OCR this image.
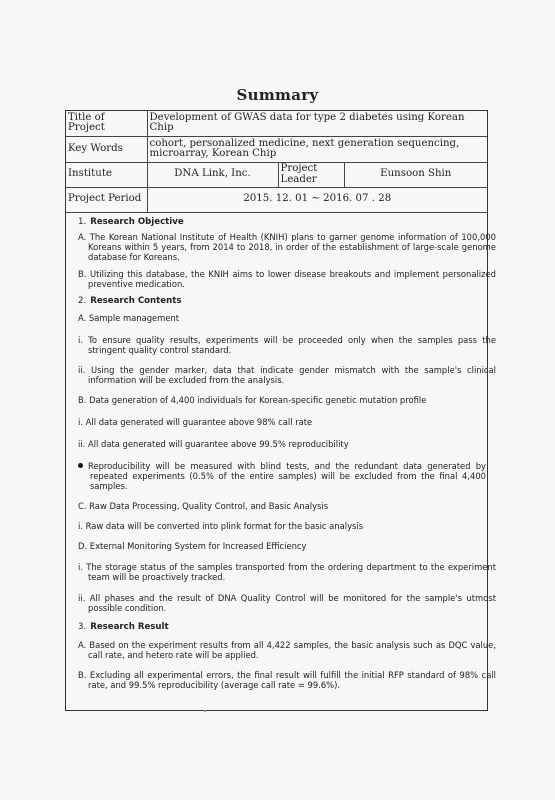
Summary
Title of Project	Development of GWAS data for type 2 diabetes using Korean Chip		
Key Words	cohort, personalized medicine, next generation sequencing, microarray, Korean Chip		
Institute	DNA Link, Inc.	Project Leader	Eunsoon Shin
Project Period	2015. 12. 01 ~ 2016. 07 . 28		
1. Research Objective
A. The Korean National Institute of Health (KNIH) plans to garner genome information of 100,000 Koreans within 5 years, from 2014 to 2018, in order of the establishment of large-scale genome database for Koreans.
B. Utilizing this database, the KNIH aims to lower disease breakouts and implement personalized preventive medication.
2. Research Contents
A. Sample management
i. To ensure quality results, experiments will be proceeded only when the samples pass the stringent quality control standard.
ii. Using the gender marker, data that indicate gender mismatch with the sample's clinical information will be excluded from the analysis.
B. Data generation of 4,400 individuals for Korean-specific genetic mutation profile
i. All data generated will guarantee above 98% call rate
ii. All data generated will guarantee above 99.5% reproducibility
Reproducibility will be measured with blind tests, and the redundant data generated by repeated experiments (0.5% of the entire samples) will be excluded from the final 4,400 samples.
C. Raw Data Processing, Quality Control, and Basic Analysis
i. Raw data will be converted into plink format for the basic analysis
D. External Monitoring System for Increased Efficiency
i. The storage status of the samples transported from the ordering department to the experiment team will be proactively tracked.
ii. All phases and the result of DNA Quality Control will be monitored for the sample's utmost possible condition.
3. Research Result
A. Based on the experiment results from all 4,422 samples, the basic analysis such as DQC value, call rate, and hetero rate will be applied.
B. Excluding all experimental errors, the final result will fulfill the initial RFP standard of 98% call rate, and 99.5% reproducibility (average call rate = 99.6%).
